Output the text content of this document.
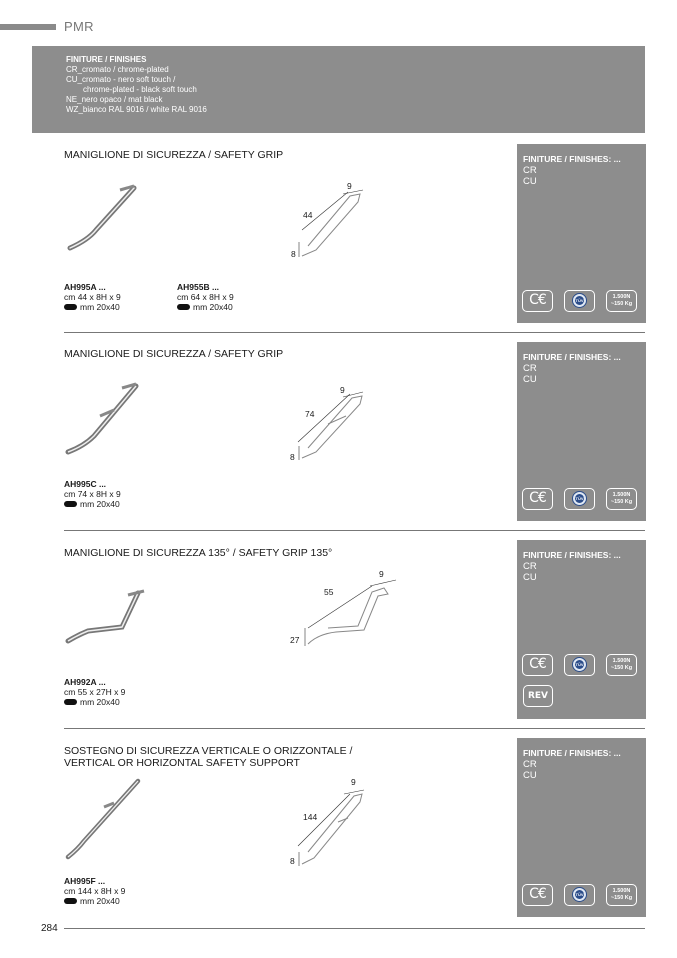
PMR
FINITURE / FINISHES
CR_cromato / chrome-plated
CU_cromato - nero soft touch /
chrome-plated - black soft touch
NE_nero opaco / mat black
WZ_bianco RAL 9016 / white RAL 9016
MANIGLIONE DI SICUREZZA / SAFETY GRIP
9
44
8
AH995A ...
cm 44 x 8H x 9
mm 20x40
AH955B ...
cm 64 x 8H x 9
mm 20x40
FINITURE / FINISHES: ...
CR
CU
C€	TÜV
1.500N
~150 Kg
MANIGLIONE DI SICUREZZA / SAFETY GRIP
9
74
8
AH995C ...
cm 74 x 8H x 9
mm 20x40
FINITURE / FINISHES: ...
CR
CU
C€	TÜV
1.500N
~150 Kg
MANIGLIONE DI SICUREZZA 135° / SAFETY GRIP 135°
9
55
27
AH992A ...
cm 55 x 27H x 9
mm 20x40
FINITURE / FINISHES: ...
CR
CU
C€	TÜV
1.500N
~150 Kg
REV
SOSTEGNO DI SICUREZZA VERTICALE O ORIZZONTALE /
VERTICAL OR HORIZONTAL SAFETY SUPPORT
9
144
8
AH995F ...
cm 144 x 8H x 9
mm 20x40
FINITURE / FINISHES: ...
CR
CU
C€	TÜV
1.500N
~150 Kg
284
